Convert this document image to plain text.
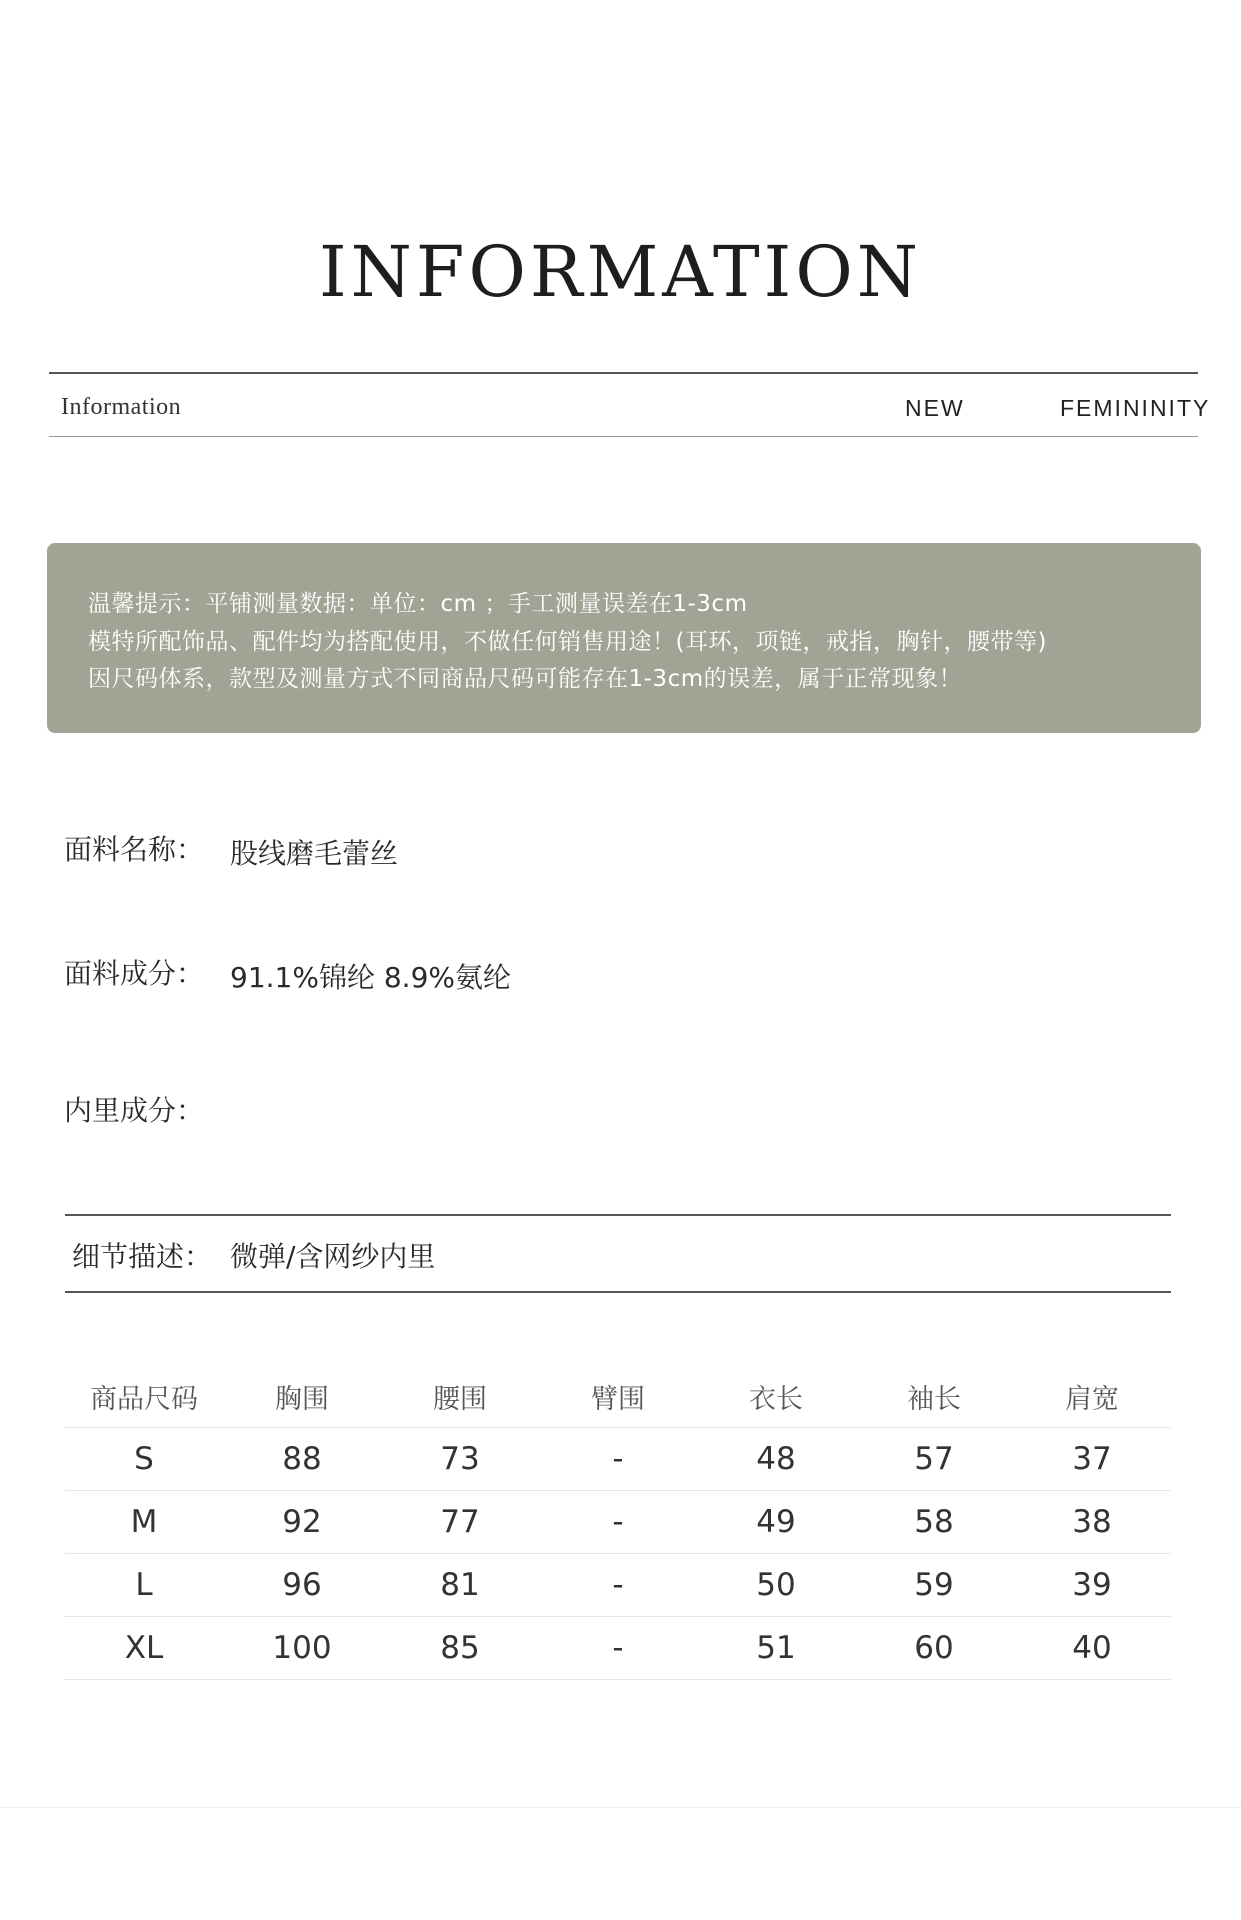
INFORMATION
Information	NEW	FEMININITY
温馨提示：平铺测量数据：单位：cm ；手工测量误差在1-3cm
模特所配饰品、配件均为搭配使用，不做任何销售用途！(耳环，项链，戒指，胸针，腰带等)
因尺码体系，款型及测量方式不同商品尺码可能存在1-3cm的误差，属于正常现象！
面料名称： 股线磨毛蕾丝
面料成分： 91.1%锦纶 8.9%氨纶
内里成分：
细节描述： 微弹/含网纱内里
商品尺码	胸围	腰围	臂围	衣长	袖长	肩宽
S	88	73	-	48	57	37
M	92	77	-	49	58	38
L	96	81	-	50	59	39
XL	100	85	-	51	60	40
